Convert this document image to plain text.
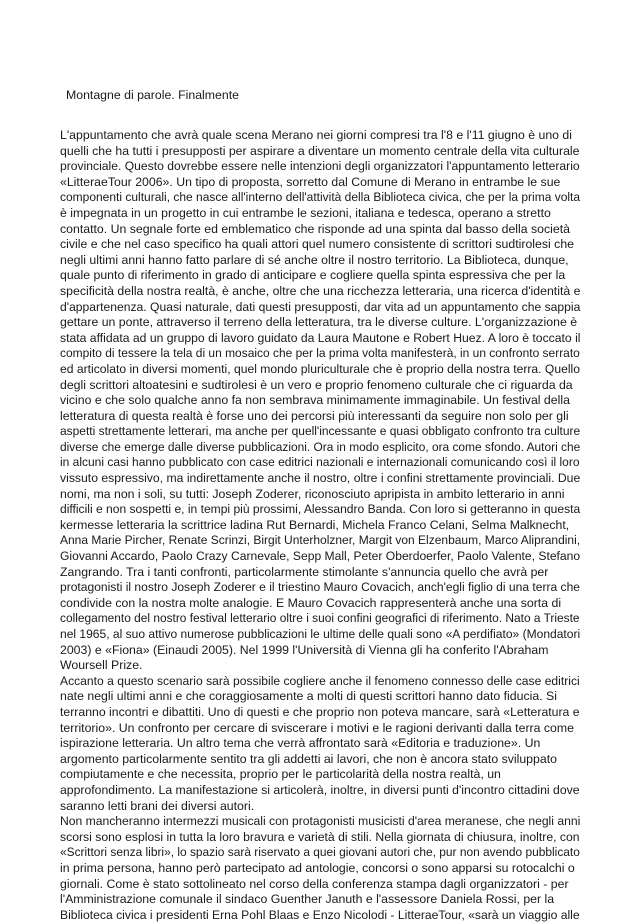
Montagne di parole. Finalmente

L'appuntamento che avrà quale scena Merano nei giorni compresi tra l'8 e l'11 giugno è uno di
quelli che ha tutti i presupposti per aspirare a diventare un momento centrale della vita culturale
provinciale. Questo dovrebbe essere nelle intenzioni degli organizzatori l'appuntamento letterario
«LitteraeTour 2006». Un tipo di proposta, sorretto dal Comune di Merano in entrambe le sue
componenti culturali, che nasce all'interno dell'attività della Biblioteca civica, che per la prima volta
è impegnata in un progetto in cui entrambe le sezioni, italiana e tedesca, operano a stretto
contatto. Un segnale forte ed emblematico che risponde ad una spinta dal basso della società
civile e che nel caso specifico ha quali attori quel numero consistente di scrittori sudtirolesi che
negli ultimi anni hanno fatto parlare di sé anche oltre il nostro territorio. La Biblioteca, dunque,
quale punto di riferimento in grado di anticipare e cogliere quella spinta espressiva che per la
specificità della nostra realtà, è anche, oltre che una ricchezza letteraria, una ricerca d'identità e
d'appartenenza. Quasi naturale, dati questi presupposti, dar vita ad un appuntamento che sappia
gettare un ponte, attraverso il terreno della letteratura, tra le diverse culture. L'organizzazione è
stata affidata ad un gruppo di lavoro guidato da Laura Mautone e Robert Huez. A loro è toccato il
compito di tessere la tela di un mosaico che per la prima volta manifesterà, in un confronto serrato
ed articolato in diversi momenti, quel mondo pluriculturale che è proprio della nostra terra. Quello
degli scrittori altoatesini e sudtirolesi è un vero e proprio fenomeno culturale che ci riguarda da
vicino e che solo qualche anno fa non sembrava minimamente immaginabile. Un festival della
letteratura di questa realtà è forse uno dei percorsi più interessanti da seguire non solo per gli
aspetti strettamente letterari, ma anche per quell'incessante e quasi obbligato confronto tra culture
diverse che emerge dalle diverse pubblicazioni. Ora in modo esplicito, ora come sfondo. Autori che
in alcuni casi hanno pubblicato con case editrici nazionali e internazionali comunicando così il loro
vissuto espressivo, ma indirettamente anche il nostro, oltre i confini strettamente provinciali. Due
nomi, ma non i soli, su tutti: Joseph Zoderer, riconosciuto apripista in ambito letterario in anni
difficili e non sospetti e, in tempi più prossimi, Alessandro Banda. Con loro si getteranno in questa
kermesse letteraria la scrittrice ladina Rut Bernardi, Michela Franco Celani, Selma Malknecht,
Anna Marie Pircher, Renate Scrinzi, Birgit Unterholzner, Margit von Elzenbaum, Marco Aliprandini,
Giovanni Accardo, Paolo Crazy Carnevale, Sepp Mall, Peter Oberdoerfer, Paolo Valente, Stefano
Zangrando. Tra i tanti confronti, particolarmente stimolante s'annuncia quello che avrà per
protagonisti il nostro Joseph Zoderer e il triestino Mauro Covacich, anch'egli figlio di una terra che
condivide con la nostra molte analogie. E Mauro Covacich rappresenterà anche una sorta di
collegamento del nostro festival letterario oltre i suoi confini geografici di riferimento. Nato a Trieste
nel 1965, al suo attivo numerose pubblicazioni le ultime delle quali sono «A perdifiato» (Mondatori
2003) e «Fiona» (Einaudi 2005). Nel 1999 l'Università di Vienna gli ha conferito l'Abraham
Woursell Prize.

Accanto a questo scenario sarà possibile cogliere anche il fenomeno connesso delle case editrici
nate negli ultimi anni e che coraggiosamente a molti di questi scrittori hanno dato fiducia. Si
terranno incontri e dibattiti. Uno di questi e che proprio non poteva mancare, sarà «Letteratura e
territorio». Un confronto per cercare di sviscerare i motivi e le ragioni derivanti dalla terra come
ispirazione letteraria. Un altro tema che verrà affrontato sarà «Editoria e traduzione». Un
argomento particolarmente sentito tra gli addetti ai lavori, che non è ancora stato sviluppato
compiutamente e che necessita, proprio per le particolarità della nostra realtà, un
approfondimento. La manifestazione si articolerà, inoltre, in diversi punti d'incontro cittadini dove
saranno letti brani dei diversi autori.

Non mancheranno intermezzi musicali con protagonisti musicisti d'area meranese, che negli anni
scorsi sono esplosi in tutta la loro bravura e varietà di stili. Nella giornata di chiusura, inoltre, con
«Scrittori senza libri», lo spazio sarà riservato a quei giovani autori che, pur non avendo pubblicato
in prima persona, hanno però partecipato ad antologie, concorsi o sono apparsi su rotocalchi o
giornali. Come è stato sottolineato nel corso della conferenza stampa dagli organizzatori - per
l'Amministrazione comunale il sindaco Guenther Januth e l'assessore Daniela Rossi, per la
Biblioteca civica i presidenti Erna Pohl Blaas e Enzo Nicolodi - LitteraeTour, «sarà un viaggio alle
